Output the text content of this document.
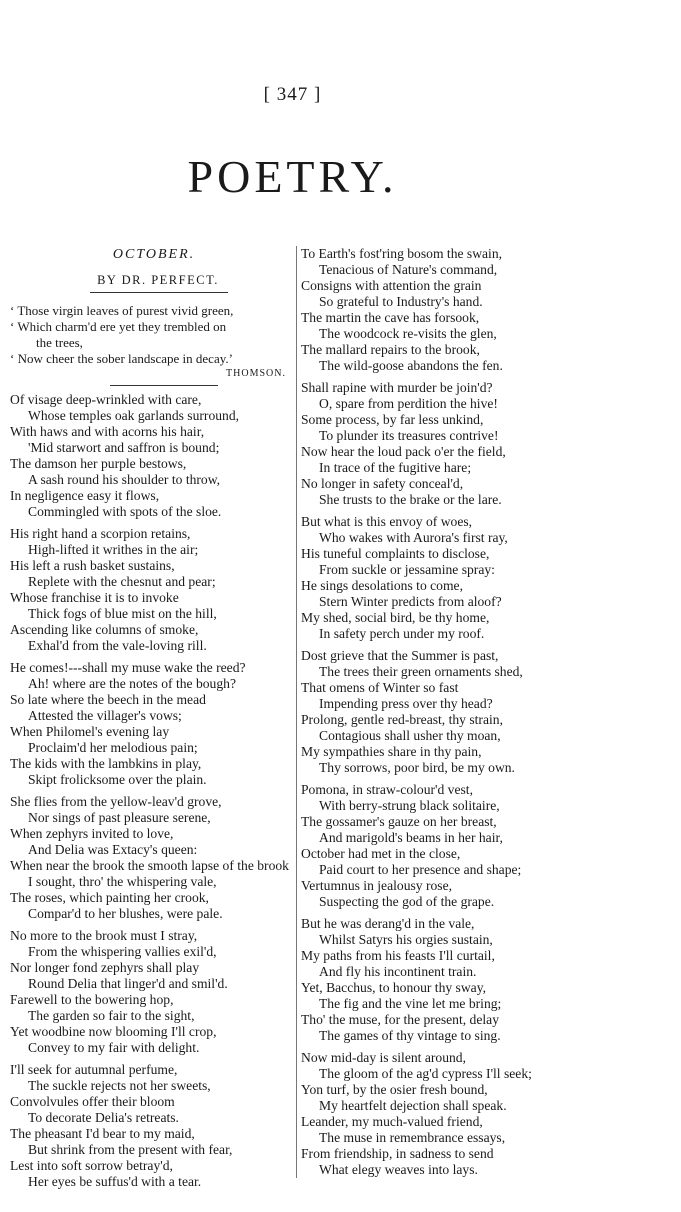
[ 347 ]
POETRY.
OCTOBER.
BY DR. PERFECT.
‘ Those virgin leaves of purest vivid green,
‘ Which charm'd ere yet they trembled on
the trees,
‘ Now cheer the sober landscape in decay.’
THOMSON.
Of visage deep-wrinkled with care,
Whose temples oak garlands surround,
With haws and with acorns his hair,
'Mid starwort and saffron is bound;
The damson her purple bestows,
A sash round his shoulder to throw,
In negligence easy it flows,
Commingled with spots of the sloe.
His right hand a scorpion retains,
High-lifted it writhes in the air;
His left a rush basket sustains,
Replete with the chesnut and pear;
Whose franchise it is to invoke
Thick fogs of blue mist on the hill,
Ascending like columns of smoke,
Exhal'd from the vale-loving rill.
He comes!---shall my muse wake the reed?
Ah! where are the notes of the bough?
So late where the beech in the mead
Attested the villager's vows;
When Philomel's evening lay
Proclaim'd her melodious pain;
The kids with the lambkins in play,
Skipt frolicksome over the plain.
She flies from the yellow-leav'd grove,
Nor sings of past pleasure serene,
When zephyrs invited to love,
And Delia was Extacy's queen:
When near the brook the smooth lapse of the brook
I sought, thro' the whispering vale,
The roses, which painting her crook,
Compar'd to her blushes, were pale.
No more to the brook must I stray,
From the whispering vallies exil'd,
Nor longer fond zephyrs shall play
Round Delia that linger'd and smil'd.
Farewell to the bowering hop,
The garden so fair to the sight,
Yet woodbine now blooming I'll crop,
Convey to my fair with delight.
I'll seek for autumnal perfume,
The suckle rejects not her sweets,
Convolvules offer their bloom
To decorate Delia's retreats.
The pheasant I'd bear to my maid,
But shrink from the present with fear,
Lest into soft sorrow betray'd,
Her eyes be suffus'd with a tear.
To Earth's fost'ring bosom the swain,
Tenacious of Nature's command,
Consigns with attention the grain
So grateful to Industry's hand.
The martin the cave has forsook,
The woodcock re-visits the glen,
The mallard repairs to the brook,
The wild-goose abandons the fen.
Shall rapine with murder be join'd?
O, spare from perdition the hive!
Some process, by far less unkind,
To plunder its treasures contrive!
Now hear the loud pack o'er the field,
In trace of the fugitive hare;
No longer in safety conceal'd,
She trusts to the brake or the lare.
But what is this envoy of woes,
Who wakes with Aurora's first ray,
His tuneful complaints to disclose,
From suckle or jessamine spray:
He sings desolations to come,
Stern Winter predicts from aloof?
My shed, social bird, be thy home,
In safety perch under my roof.
Dost grieve that the Summer is past,
The trees their green ornaments shed,
That omens of Winter so fast
Impending press over thy head?
Prolong, gentle red-breast, thy strain,
Contagious shall usher thy moan,
My sympathies share in thy pain,
Thy sorrows, poor bird, be my own.
Pomona, in straw-colour'd vest,
With berry-strung black solitaire,
The gossamer's gauze on her breast,
And marigold's beams in her hair,
October had met in the close,
Paid court to her presence and shape;
Vertumnus in jealousy rose,
Suspecting the god of the grape.
But he was derang'd in the vale,
Whilst Satyrs his orgies sustain,
My paths from his feasts I'll curtail,
And fly his incontinent train.
Yet, Bacchus, to honour thy sway,
The fig and the vine let me bring;
Tho' the muse, for the present, delay
The games of thy vintage to sing.
Now mid-day is silent around,
The gloom of the ag'd cypress I'll seek;
Yon turf, by the osier fresh bound,
My heartfelt dejection shall speak.
Leander, my much-valued friend,
The muse in remembrance essays,
From friendship, in sadness to send
What elegy weaves into lays.
